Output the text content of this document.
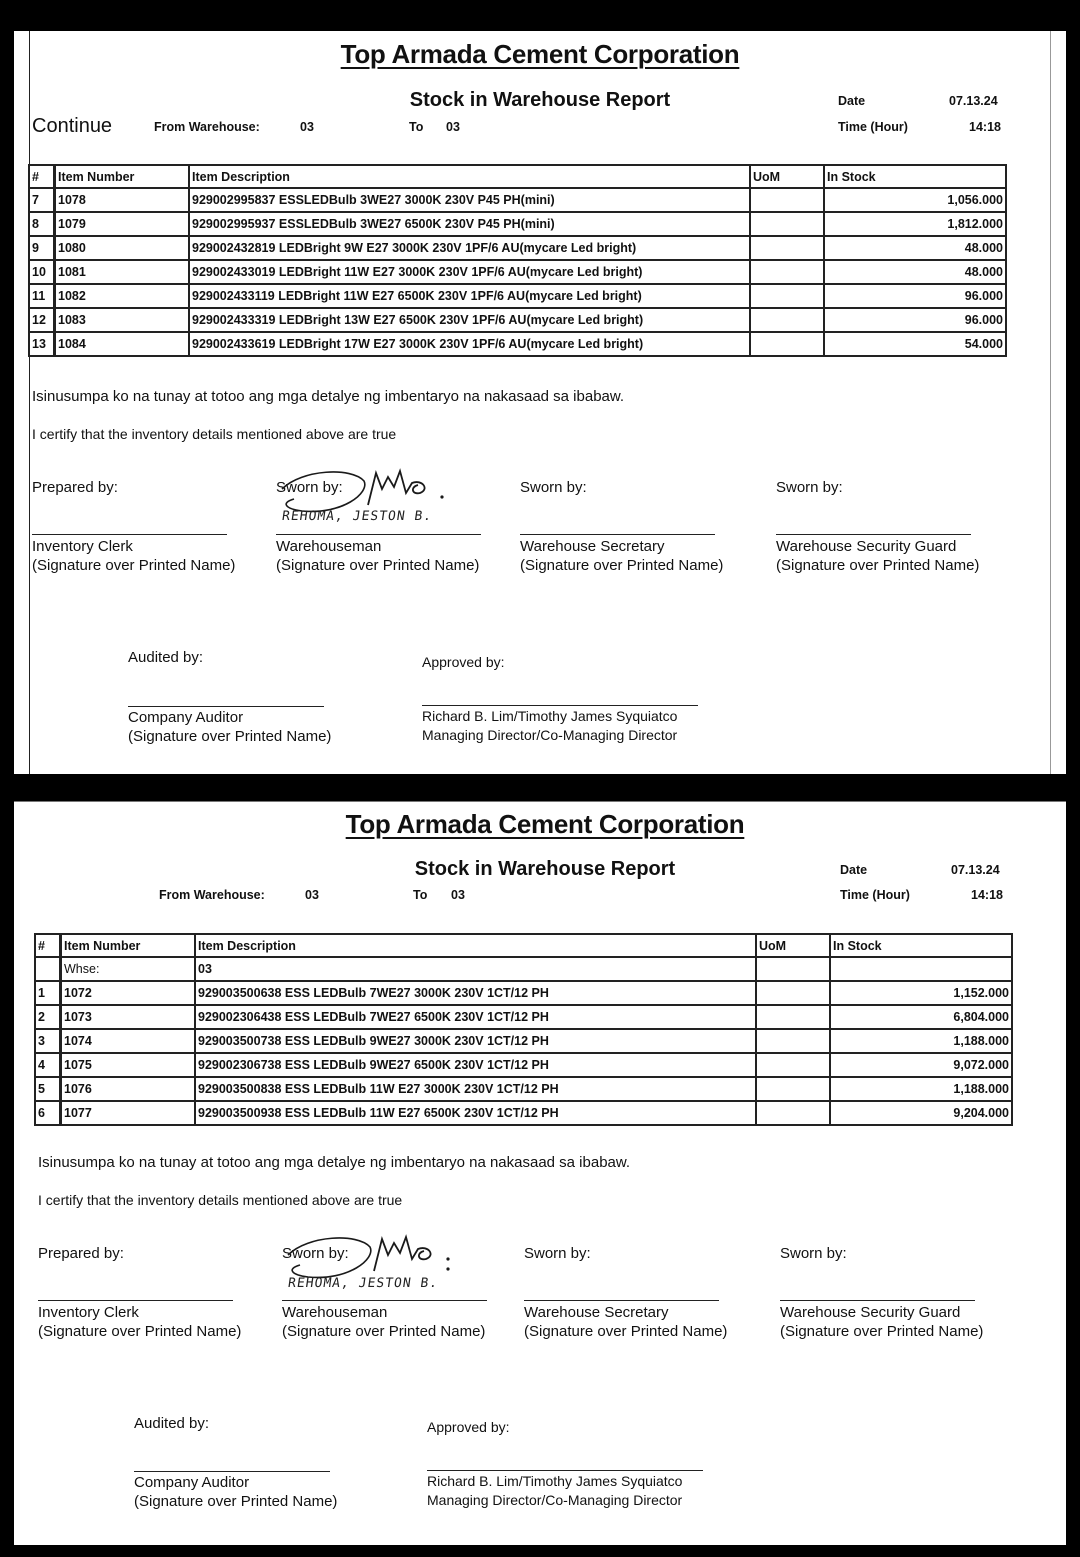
Top Armada Cement Corporation
Stock in Warehouse Report
Continue	From Warehouse:	03	To 03
Date	07.13.24
Time (Hour)	14:18
#	Item Number	Item Description	UoM	In Stock
7	1078	929002995837 ESSLEDBulb 3WE27 3000K 230V P45 PH(mini)		1,056.000
8	1079	929002995937 ESSLEDBulb 3WE27 6500K 230V P45 PH(mini)		1,812.000
9	1080	929002432819 LEDBright 9W E27 3000K 230V 1PF/6 AU(mycare Led bright)		48.000
10	1081	929002433019 LEDBright 11W E27 3000K 230V 1PF/6 AU(mycare Led bright)		48.000
11	1082	929002433119 LEDBright 11W E27 6500K 230V 1PF/6 AU(mycare Led bright)		96.000
12	1083	929002433319 LEDBright 13W E27 6500K 230V 1PF/6 AU(mycare Led bright)		96.000
13	1084	929002433619 LEDBright 17W E27 3000K 230V 1PF/6 AU(mycare Led bright)		54.000
Isinusumpa ko na tunay at totoo ang mga detalye ng imbentaryo na nakasaad sa ibabaw.
I certify that the inventory details mentioned above are true
Prepared by:
Inventory Clerk
(Signature over Printed Name)
Sworn by:
REHOMA, JESTON B.
Warehouseman
(Signature over Printed Name)
Sworn by:
Warehouse Secretary
(Signature over Printed Name)
Sworn by:
Warehouse Security Guard
(Signature over Printed Name)
Audited by:
Company Auditor
(Signature over Printed Name)
Approved by:
Richard B. Lim/Timothy James Syquiatco
Managing Director/Co-Managing Director
Top Armada Cement Corporation
Stock in Warehouse Report
From Warehouse:	03	To 03
Date	07.13.24
Time (Hour)	14:18
#	Item Number	Item Description	UoM	In Stock
	Whse:	03		
1	1072	929003500638 ESS LEDBulb 7WE27 3000K 230V 1CT/12 PH		1,152.000
2	1073	929002306438 ESS LEDBulb 7WE27 6500K 230V 1CT/12 PH		6,804.000
3	1074	929003500738 ESS LEDBulb 9WE27 3000K 230V 1CT/12 PH		1,188.000
4	1075	929002306738 ESS LEDBulb 9WE27 6500K 230V 1CT/12 PH		9,072.000
5	1076	929003500838 ESS LEDBulb 11W E27 3000K 230V 1CT/12 PH		1,188.000
6	1077	929003500938 ESS LEDBulb 11W E27 6500K 230V 1CT/12 PH		9,204.000
Isinusumpa ko na tunay at totoo ang mga detalye ng imbentaryo na nakasaad sa ibabaw.
I certify that the inventory details mentioned above are true
Prepared by:
Inventory Clerk
(Signature over Printed Name)
Sworn by:
REHOMA, JESTON B.
Warehouseman
(Signature over Printed Name)
Sworn by:
Warehouse Secretary
(Signature over Printed Name)
Sworn by:
Warehouse Security Guard
(Signature over Printed Name)
Audited by:
Company Auditor
(Signature over Printed Name)
Approved by:
Richard B. Lim/Timothy James Syquiatco
Managing Director/Co-Managing Director
